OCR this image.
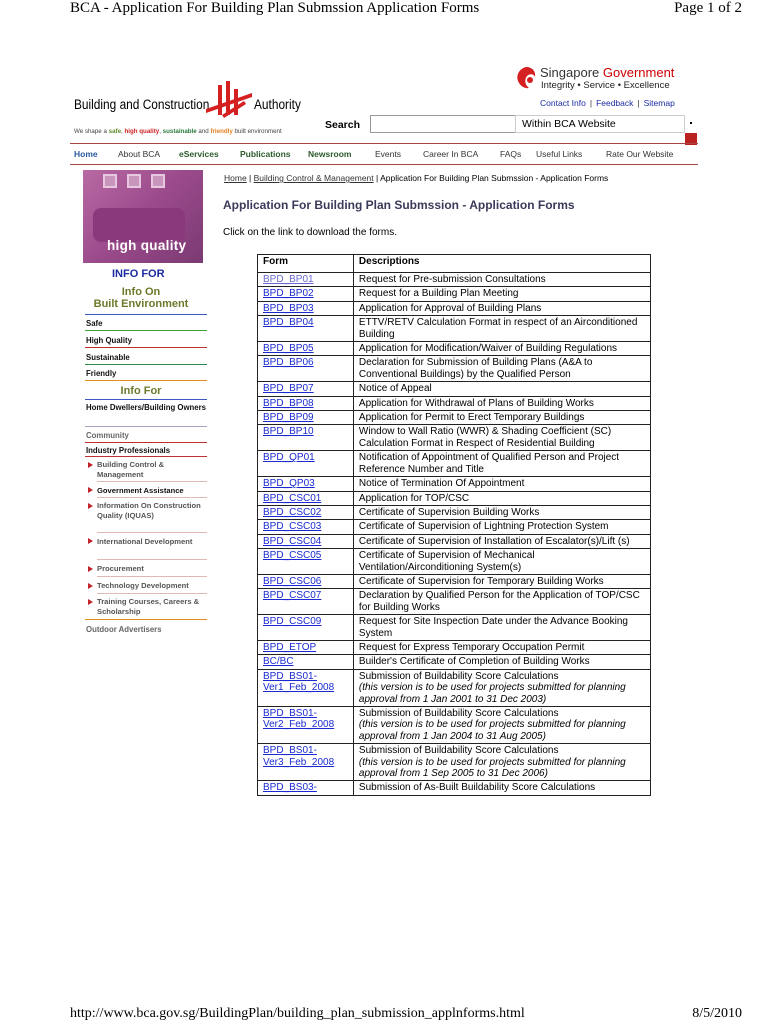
BCA - Application For Building Plan Submssion Application Forms	Page 1 of 2
Building and Construction	Authority
We shape a safe, high quality, sustainable and friendly built environment
Singapore Government
Integrity • Service • Excellence
Contact Info | Feedback | Sitemap
Search	Within BCA Website
Home About BCA eServices	Publications Newsroom	Events	Career In BCA	FAQs Useful Links	Rate Our Website
high quality
INFO FOR
Info On
Built Environment
Safe
High Quality
Sustainable
Friendly
Info For
Home Dwellers/Building Owners
Community
Industry Professionals
Building Control & Management
Government Assistance
Information On Construction Quality (IQUAS)
International Development
Procurement
Technology Development
Training Courses, Careers & Scholarship
Outdoor Advertisers
Home | Building Control & Management | Application For Building Plan Submssion - Application Forms
Application For Building Plan Submssion - Application Forms
Click on the link to download the forms.
Form	Descriptions
BPD_BP01	Request for Pre-submission Consultations
BPD_BP02	Request for a Building Plan Meeting
BPD_BP03	Application for Approval of Building Plans
BPD_BP04	ETTV/RETV Calculation Format in respect of an Airconditioned Building
BPD_BP05	Application for Modification/Waiver of Building Regulations
BPD_BP06	Declaration for Submission of Building Plans (A&A to Conventional Buildings) by the Qualified Person
BPD_BP07	Notice of Appeal
BPD_BP08	Application for Withdrawal of Plans of Building Works
BPD_BP09	Application for Permit to Erect Temporary Buildings
BPD_BP10	Window to Wall Ratio (WWR) & Shading Coefficient (SC) Calculation Format in Respect of Residential Building
BPD_QP01	Notification of Appointment of Qualified Person and Project Reference Number and Title
BPD_QP03	Notice of Termination Of Appointment
BPD_CSC01	Application for TOP/CSC
BPD_CSC02	Certificate of Supervision Building Works
BPD_CSC03	Certificate of Supervision of Lightning Protection System
BPD_CSC04	Certificate of Supervision of Installation of Escalator(s)/Lift (s)
BPD_CSC05	Certificate of Supervision of Mechanical Ventilation/Airconditioning System(s)
BPD_CSC06	Certificate of Supervision for Temporary Building Works
BPD_CSC07	Declaration by Qualified Person for the Application of TOP/CSC for Building Works
BPD_CSC09	Request for Site Inspection Date under the Advance Booking System
BPD_ETOP	Request for Express Temporary Occupation Permit
BC/BC	Builder's Certificate of Completion of Building Works
BPD_BS01-Ver1_Feb_2008	Submission of Buildability Score Calculations
(this version is to be used for projects submitted for planning approval from 1 Jan 2001 to 31 Dec 2003)
BPD_BS01-Ver2_Feb_2008	Submission of Buildability Score Calculations
(this version is to be used for projects submitted for planning approval from 1 Jan 2004 to 31 Aug 2005)
BPD_BS01-Ver3_Feb_2008	Submission of Buildability Score Calculations
(this version is to be used for projects submitted for planning approval from 1 Sep 2005 to 31 Dec 2006)
BPD_BS03-	Submission of As-Built Buildability Score Calculations
http://www.bca.gov.sg/BuildingPlan/building_plan_submission_applnforms.html	8/5/2010
